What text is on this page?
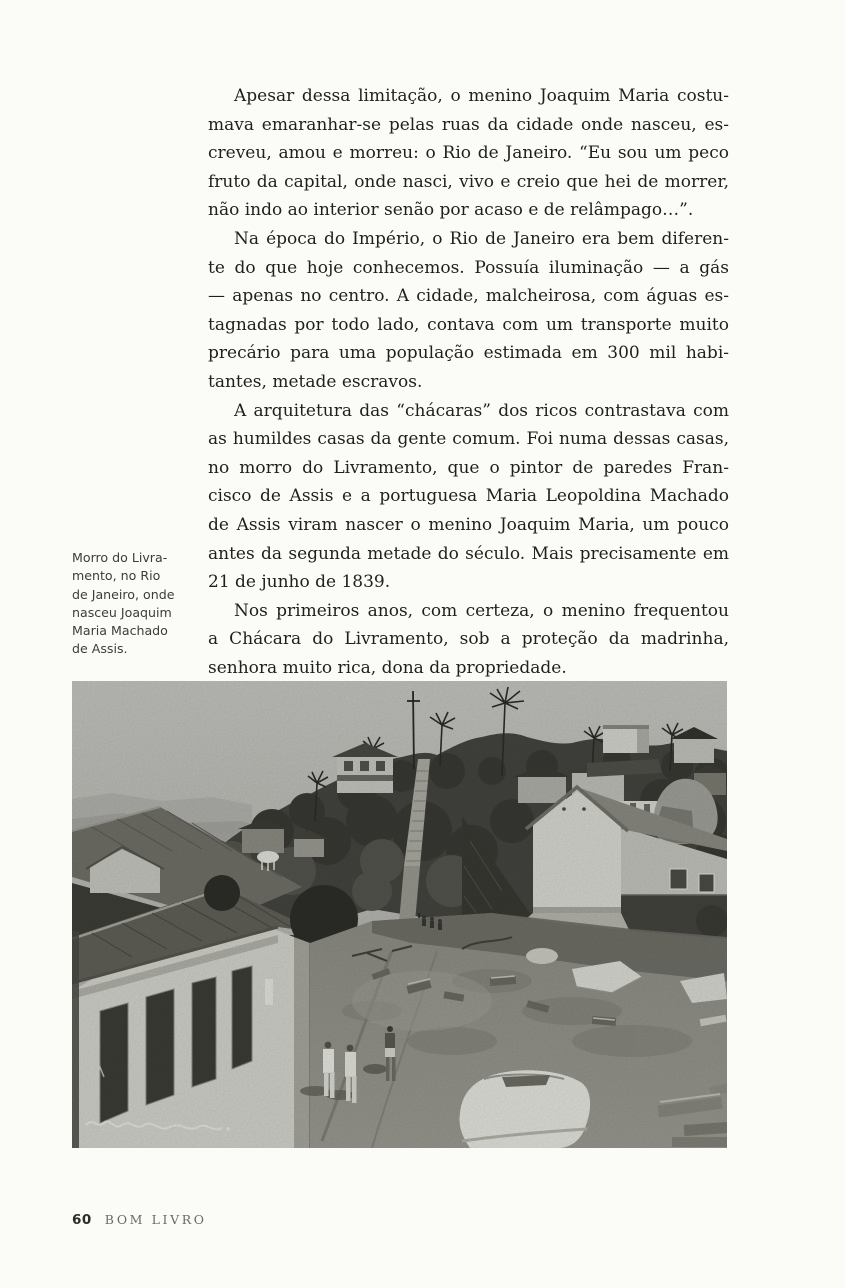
Apesar dessa limitação, o menino Joaquim Maria costu-
mava emaranhar-se pelas ruas da cidade onde nasceu, es-
creveu, amou e morreu: o Rio de Janeiro. “Eu sou um peco
fruto da capital, onde nasci, vivo e creio que hei de morrer,
não indo ao interior senão por acaso e de relâmpago…”.
Na época do Império, o Rio de Janeiro era bem diferen-
te do que hoje conhecemos. Possuía iluminação — a gás
— apenas no centro. A cidade, malcheirosa, com águas es-
tagnadas por todo lado, contava com um transporte muito
precário para uma população estimada em 300 mil habi-
tantes, metade escravos.
A arquitetura das “chácaras” dos ricos contrastava com
as humildes casas da gente comum. Foi numa dessas casas,
no morro do Livramento, que o pintor de paredes Fran-
cisco de Assis e a portuguesa Maria Leopoldina Machado
de Assis viram nascer o menino Joaquim Maria, um pouco
antes da segunda metade do século. Mais precisamente em
21 de junho de 1839.
Nos primeiros anos, com certeza, o menino frequentou
a Chácara do Livramento, sob a proteção da madrinha,
senhora muito rica, dona da propriedade.
Morro do Livra-
mento, no Rio
de Janeiro, onde
nasceu Joaquim
Maria Machado
de Assis.
60 BOM LIVRO
